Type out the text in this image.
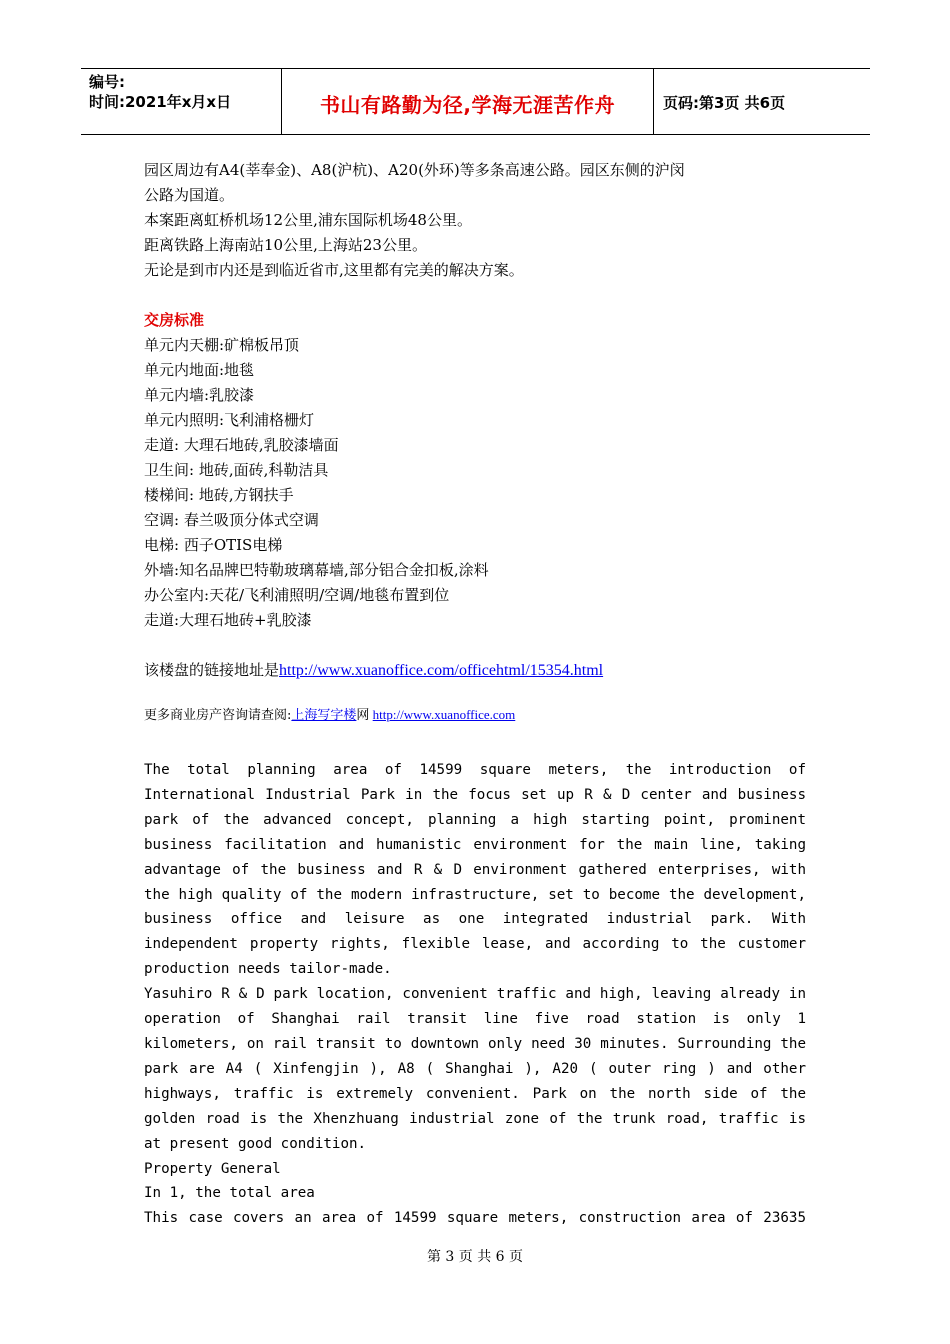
编号:
时间:2021年x月x日	书山有路勤为径,学海无涯苦作舟	页码:第3页 共6页

园区周边有A4(莘奉金)、A8(沪杭)、A20(外环)等多条高速公路。园区东侧的沪闵

公路为国道。

本案距离虹桥机场12公里,浦东国际机场48公里。

距离铁路上海南站10公里,上海站23公里。

无论是到市内还是到临近省市,这里都有完美的解决方案。

交房标准

单元内天棚:矿棉板吊顶

单元内地面:地毯

单元内墙:乳胶漆

单元内照明:飞利浦格栅灯

走道: 大理石地砖,乳胶漆墙面

卫生间: 地砖,面砖,科勒洁具

楼梯间: 地砖,方钢扶手

空调: 春兰吸顶分体式空调

电梯: 西子OTIS电梯

外墙:知名品牌巴特勒玻璃幕墙,部分铝合金扣板,涂料

办公室内:天花/飞利浦照明/空调/地毯布置到位

走道:大理石地砖+乳胶漆

该楼盘的链接地址是http://www.xuanoffice.com/officehtml/15354.html

更多商业房产咨询请查阅:上海写字楼网 http://www.xuanoffice.com

The total planning area of 14599 square meters, the introduction of International Industrial Park in the focus set up R & D center and business park of the advanced concept, planning a high starting point, prominent business facilitation and humanistic environment for the main line, taking advantage of the business and R & D environment gathered enterprises, with the high quality of the modern infrastructure, set to become the development, business office and leisure as one integrated industrial park. With independent property rights, flexible lease, and according to the customer production needs tailor-made.

Yasuhiro R & D park location, convenient traffic and high, leaving already in operation of Shanghai rail transit line five road station is only 1 kilometers, on rail transit to downtown only need 30 minutes. Surrounding the park are A4 ( Xinfengjin ), A8 ( Shanghai ), A20 ( outer ring ) and other highways, traffic is extremely convenient. Park on the north side of the golden road is the Xhenzhuang industrial zone of the trunk road, traffic is at present good condition.

Property General

In 1, the total area

This case covers an area of 14599 square meters, construction area of 23635

第 3 页 共 6 页
